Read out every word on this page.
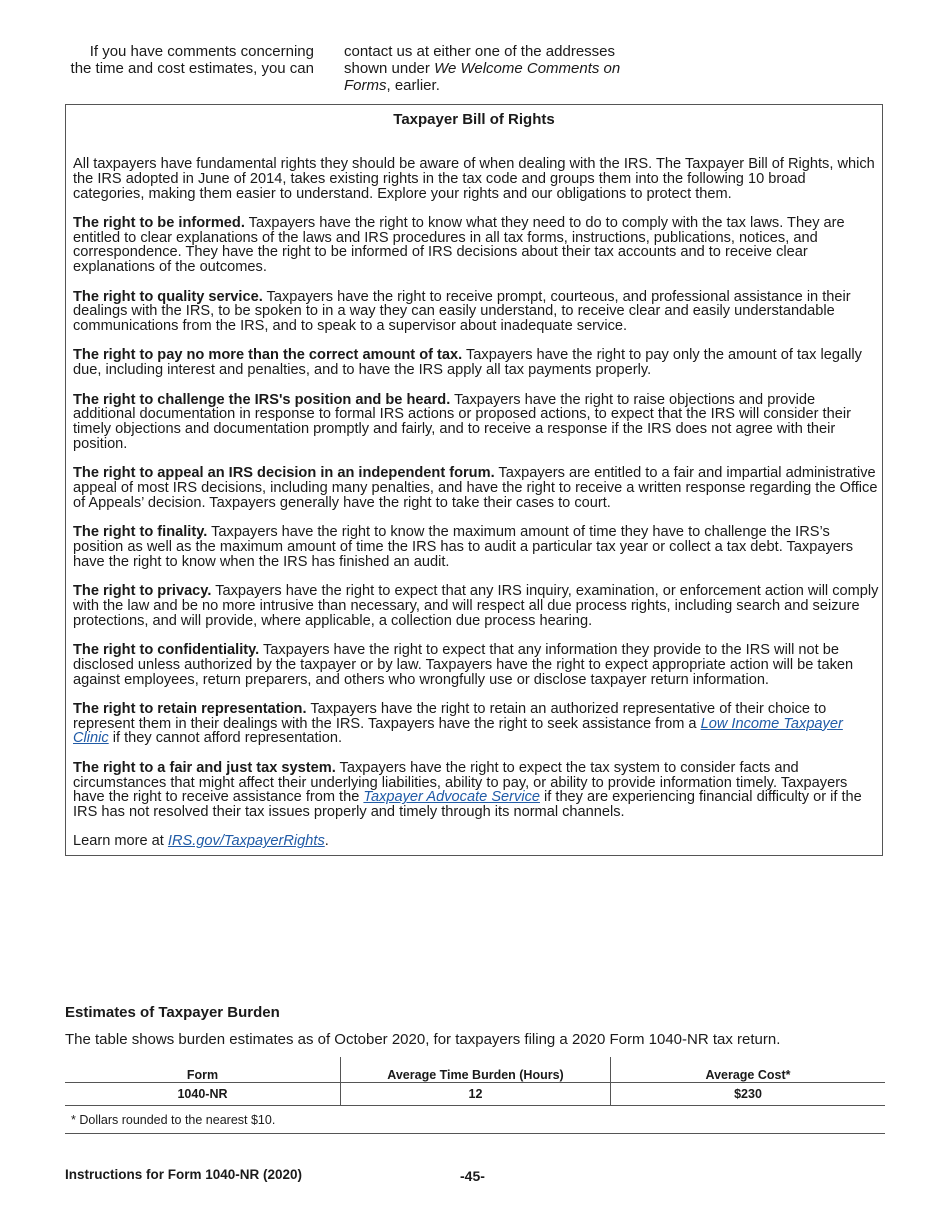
If you have comments concerning the time and cost estimates, you can
contact us at either one of the addresses shown under We Welcome Comments on Forms, earlier.
Taxpayer Bill of Rights

All taxpayers have fundamental rights they should be aware of when dealing with the IRS. The Taxpayer Bill of Rights, which the IRS adopted in June of 2014, takes existing rights in the tax code and groups them into the following 10 broad categories, making them easier to understand. Explore your rights and our obligations to protect them.

The right to be informed. Taxpayers have the right to know what they need to do to comply with the tax laws. They are entitled to clear explanations of the laws and IRS procedures in all tax forms, instructions, publications, notices, and correspondence. They have the right to be informed of IRS decisions about their tax accounts and to receive clear explanations of the outcomes.

The right to quality service. Taxpayers have the right to receive prompt, courteous, and professional assistance in their dealings with the IRS, to be spoken to in a way they can easily understand, to receive clear and easily understandable communications from the IRS, and to speak to a supervisor about inadequate service.

The right to pay no more than the correct amount of tax. Taxpayers have the right to pay only the amount of tax legally due, including interest and penalties, and to have the IRS apply all tax payments properly.

The right to challenge the IRS's position and be heard. Taxpayers have the right to raise objections and provide additional documentation in response to formal IRS actions or proposed actions, to expect that the IRS will consider their timely objections and documentation promptly and fairly, and to receive a response if the IRS does not agree with their position.

The right to appeal an IRS decision in an independent forum. Taxpayers are entitled to a fair and impartial administrative appeal of most IRS decisions, including many penalties, and have the right to receive a written response regarding the Office of Appeals’ decision. Taxpayers generally have the right to take their cases to court.

The right to finality. Taxpayers have the right to know the maximum amount of time they have to challenge the IRS’s position as well as the maximum amount of time the IRS has to audit a particular tax year or collect a tax debt. Taxpayers have the right to know when the IRS has finished an audit.

The right to privacy. Taxpayers have the right to expect that any IRS inquiry, examination, or enforcement action will comply with the law and be no more intrusive than necessary, and will respect all due process rights, including search and seizure protections, and will provide, where applicable, a collection due process hearing.

The right to confidentiality. Taxpayers have the right to expect that any information they provide to the IRS will not be disclosed unless authorized by the taxpayer or by law. Taxpayers have the right to expect appropriate action will be taken against employees, return preparers, and others who wrongfully use or disclose taxpayer return information.

The right to retain representation. Taxpayers have the right to retain an authorized representative of their choice to represent them in their dealings with the IRS. Taxpayers have the right to seek assistance from a Low Income Taxpayer Clinic if they cannot afford representation.

The right to a fair and just tax system. Taxpayers have the right to expect the tax system to consider facts and circumstances that might affect their underlying liabilities, ability to pay, or ability to provide information timely. Taxpayers have the right to receive assistance from the Taxpayer Advocate Service if they are experiencing financial difficulty or if the IRS has not resolved their tax issues properly and timely through its normal channels.

Learn more at IRS.gov/TaxpayerRights.

Estimates of Taxpayer Burden
The table shows burden estimates as of October 2020, for taxpayers filing a 2020 Form 1040-NR tax return.
Form	Average Time Burden (Hours)	Average Cost*
1040-NR	12	$230
* Dollars rounded to the nearest $10.		
Instructions for Form 1040-NR (2020)	-45-
